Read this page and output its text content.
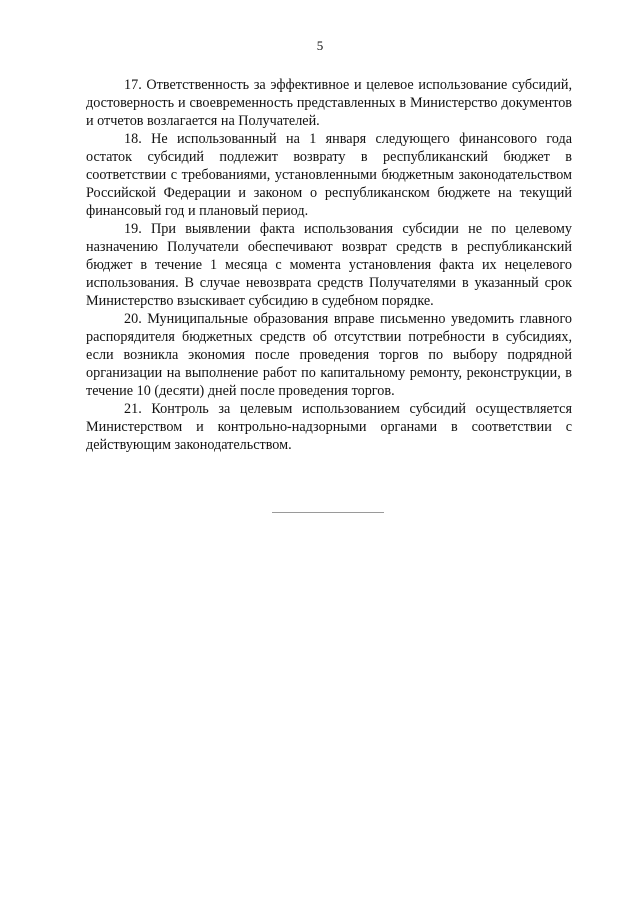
5

17. Ответственность за эффективное и целевое использование субсидий, достоверность и своевременность представленных в Министерство документов и отчетов возлагается на Получателей.

18. Не использованный на 1 января следующего финансового года остаток субсидий подлежит возврату в республиканский бюджет в соответствии с требованиями, установленными бюджетным законодательством Российской Федерации и законом о республиканском бюджете на текущий финансовый год и плановый период.

19. При выявлении факта использования субсидии не по целевому назначению Получатели обеспечивают возврат средств в республиканский бюджет в течение 1 месяца с момента установления факта их нецелевого использования. В случае невозврата средств Получателями в указанный срок Министерство взыскивает субсидию в судебном порядке.

20. Муниципальные образования вправе письменно уведомить главного распорядителя бюджетных средств об отсутствии потребности в субсидиях, если возникла экономия после проведения торгов по выбору подрядной организации на выполнение работ по капитальному ремонту, реконструкции, в течение 10 (десяти) дней после проведения торгов.

21. Контроль за целевым использованием субсидий осуществляется Министерством и контрольно-надзорными органами в соответствии с действующим законодательством.
